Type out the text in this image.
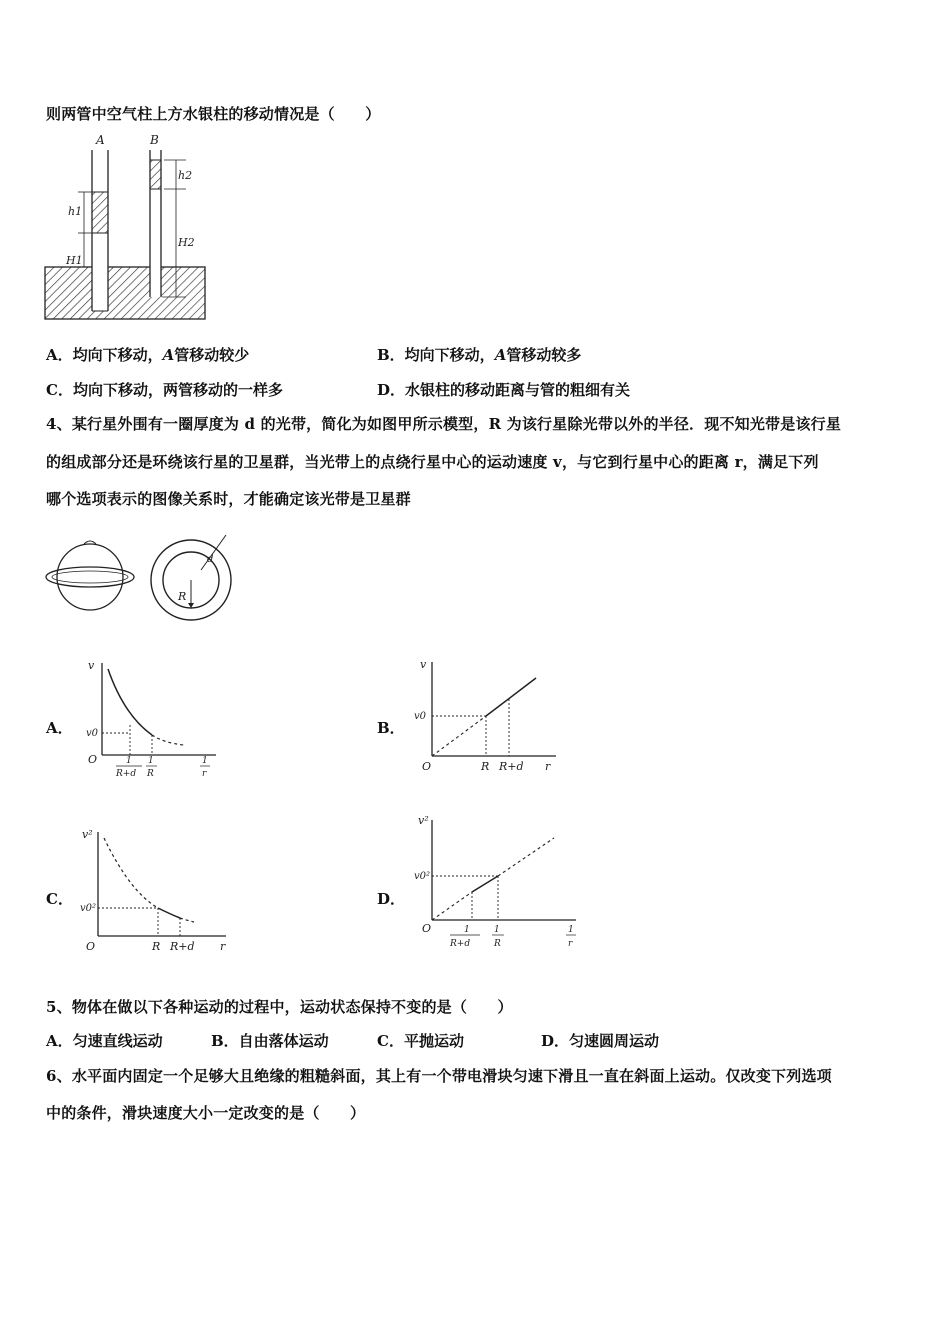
则两管中空气柱上方水银柱的移动情况是（　　）
A	B
h1
h2
H1
H2
A．均向下移动，A管移动较少	B．均向下移动，A管移动较多
C．均向下移动，两管移动的一样多	D．水银柱的移动距离与管的粗细有关
4、某行星外围有一圈厚度为 d 的光带，简化为如图甲所示模型，R 为该行星除光带以外的半径．现不知光带是该行星
的组成部分还是环绕该行星的卫星群，当光带上的点绕行星中心的运动速度 v，与它到行星中心的距离 r，满足下列
哪个选项表示的图像关系时，才能确定该光带是卫星群
R
d
A．	B．
C．	D．
v
v0
O	1
R+d
1
R
1
r
v
v0
O	R R+d r
v²
v0²
O	R R+d r
v²
v0²
O	1
R+d
1
R
1
r
5、物体在做以下各种运动的过程中，运动状态保持不变的是（　　）
A．匀速直线运动	B．自由落体运动	C．平抛运动	D．匀速圆周运动
6、水平面内固定一个足够大且绝缘的粗糙斜面，其上有一个带电滑块匀速下滑且一直在斜面上运动。仅改变下列选项
中的条件，滑块速度大小一定改变的是（　　）
